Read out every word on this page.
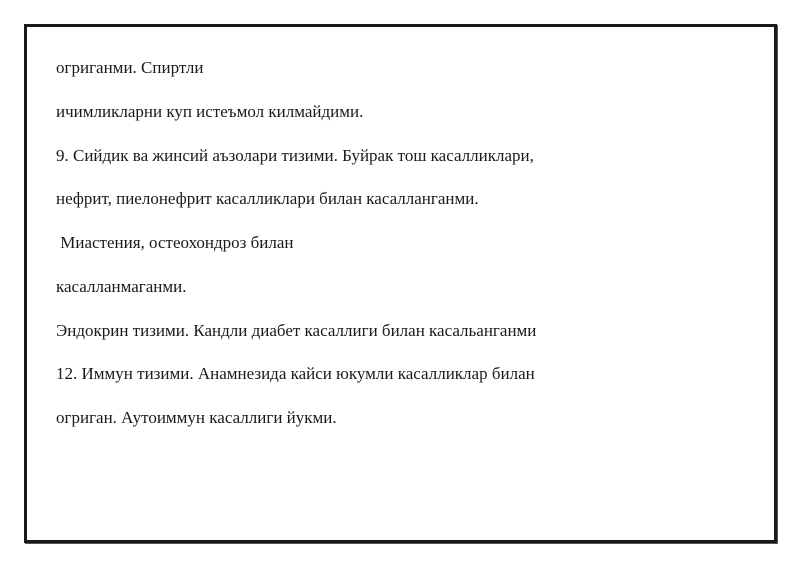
огриганми. Спиртли

ичимликларни куп истеъмол килмайдими.

9. Сийдик ва жинсий аъзолари тизими. Буйрак тош касалликлари,

нефрит, пиелонефрит касалликлари билан касалланганми.

Миастения, остеохондроз билан

касалланмаганми.

Эндокрин тизими. Кандли диабет касаллиги билан касальанганми

12. Иммун тизими. Анамнезида кайси юкумли касалликлар билан

огриган. Аутоиммун касаллиги йукми.
